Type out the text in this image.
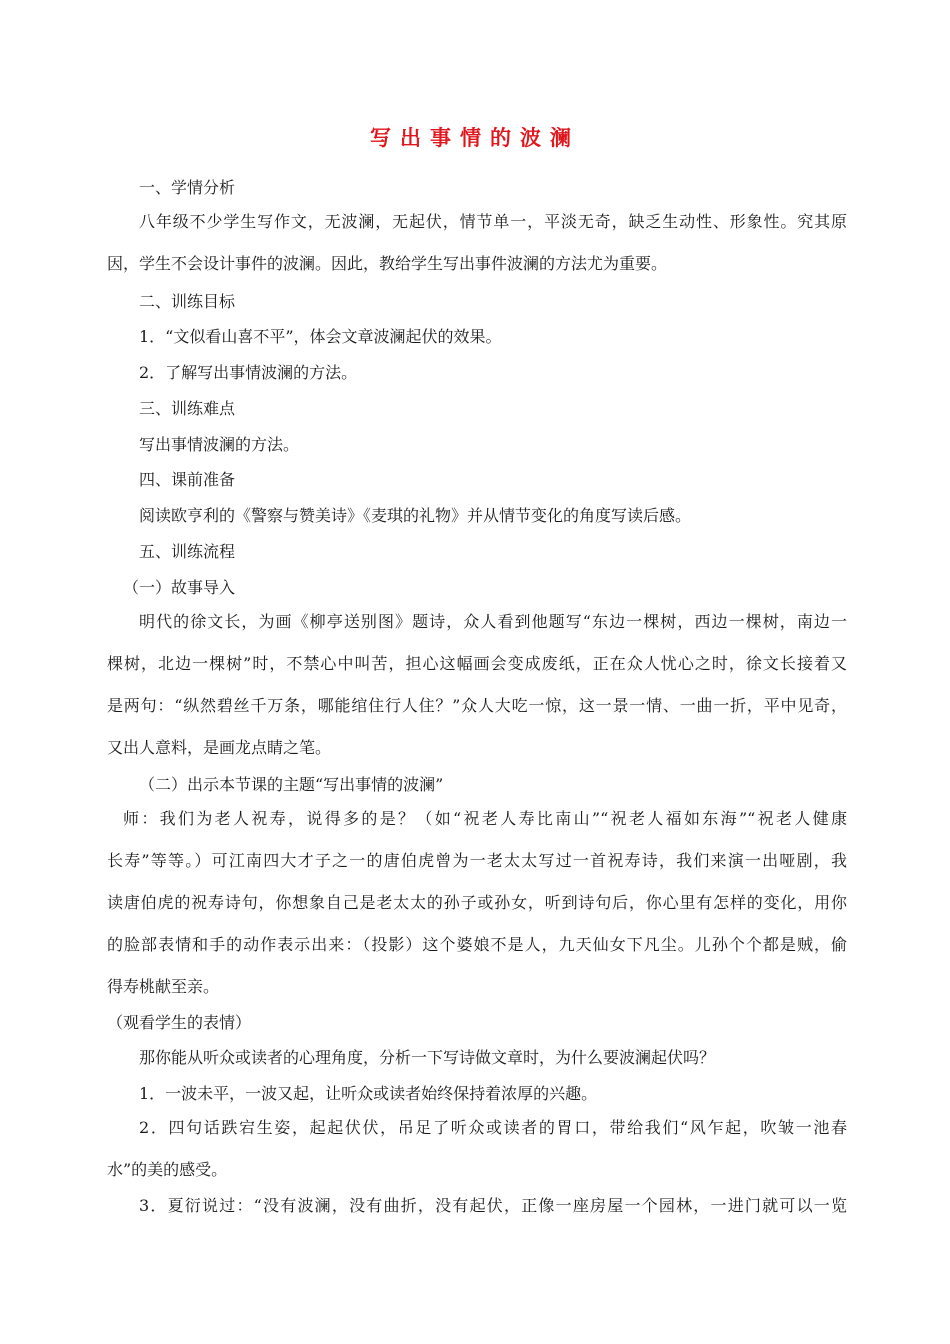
写出事情的波澜
一、学情分析
八年级不少学生写作文，无波澜，无起伏，情节单一，平淡无奇，缺乏生动性、形象性。究其原
因，学生不会设计事件的波澜。因此，教给学生写出事件波澜的方法尤为重要。
二、训练目标
1．“文似看山喜不平”，体会文章波澜起伏的效果。
2．了解写出事情波澜的方法。
三、训练难点
写出事情波澜的方法。
四、课前准备
阅读欧亨利的《警察与赞美诗》《麦琪的礼物》并从情节变化的角度写读后感。
五、训练流程
（一）故事导入
明代的徐文长，为画《柳亭送别图》题诗，众人看到他题写“东边一棵树，西边一棵树，南边一
棵树，北边一棵树”时，不禁心中叫苦，担心这幅画会变成废纸，正在众人忧心之时，徐文长接着又
是两句：“纵然碧丝千万条，哪能绾住行人住？”众人大吃一惊，这一景一情、一曲一折，平中见奇，
又出人意料，是画龙点睛之笔。
（二）出示本节课的主题“写出事情的波澜”
师：我们为老人祝寿，说得多的是？（如“祝老人寿比南山”“祝老人福如东海”“祝老人健康
长寿”等等。）可江南四大才子之一的唐伯虎曾为一老太太写过一首祝寿诗，我们来演一出哑剧，我
读唐伯虎的祝寿诗句，你想象自己是老太太的孙子或孙女，听到诗句后，你心里有怎样的变化，用你
的脸部表情和手的动作表示出来：（投影）这个婆娘不是人，九天仙女下凡尘。儿孙个个都是贼，偷
得寿桃献至亲。
（观看学生的表情）
那你能从听众或读者的心理角度，分析一下写诗做文章时，为什么要波澜起伏吗？
1．一波未平，一波又起，让听众或读者始终保持着浓厚的兴趣。
2．四句话跌宕生姿，起起伏伏，吊足了听众或读者的胃口，带给我们“风乍起，吹皱一池春
水”的美的感受。
3．夏衍说过：“没有波澜，没有曲折，没有起伏，正像一座房屋一个园林，一进门就可以一览
